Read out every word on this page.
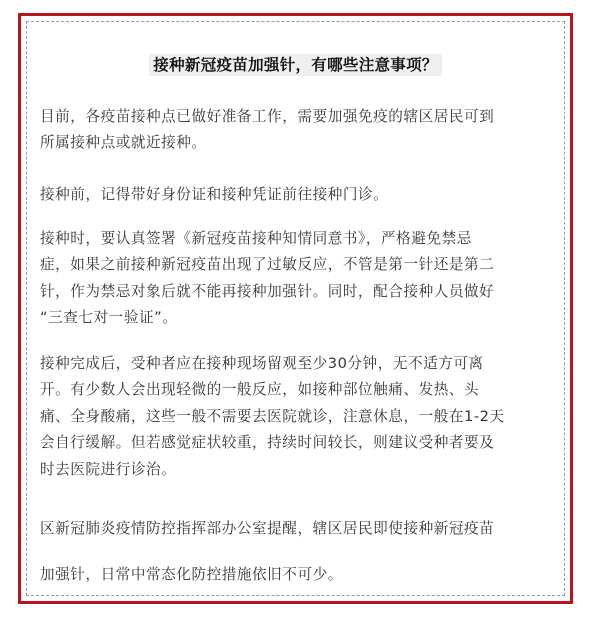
接种新冠疫苗加强针，有哪些注意事项？

目前，各疫苗接种点已做好准备工作，需要加强免疫的辖区居民可到
所属接种点或就近接种。

接种前，记得带好身份证和接种凭证前往接种门诊。

接种时，要认真签署《新冠疫苗接种知情同意书》，严格避免禁忌
症，如果之前接种新冠疫苗出现了过敏反应，不管是第一针还是第二
针，作为禁忌对象后就不能再接种加强针。同时，配合接种人员做好
“三查七对一验证”。

接种完成后，受种者应在接种现场留观至少30分钟，无不适方可离
开。有少数人会出现轻微的一般反应，如接种部位触痛、发热、头
痛、全身酸痛，这些一般不需要去医院就诊，注意休息，一般在1-2天
会自行缓解。但若感觉症状较重，持续时间较长，则建议受种者要及
时去医院进行诊治。

区新冠肺炎疫情防控指挥部办公室提醒，辖区居民即使接种新冠疫苗
加强针，日常中常态化防控措施依旧不可少。
